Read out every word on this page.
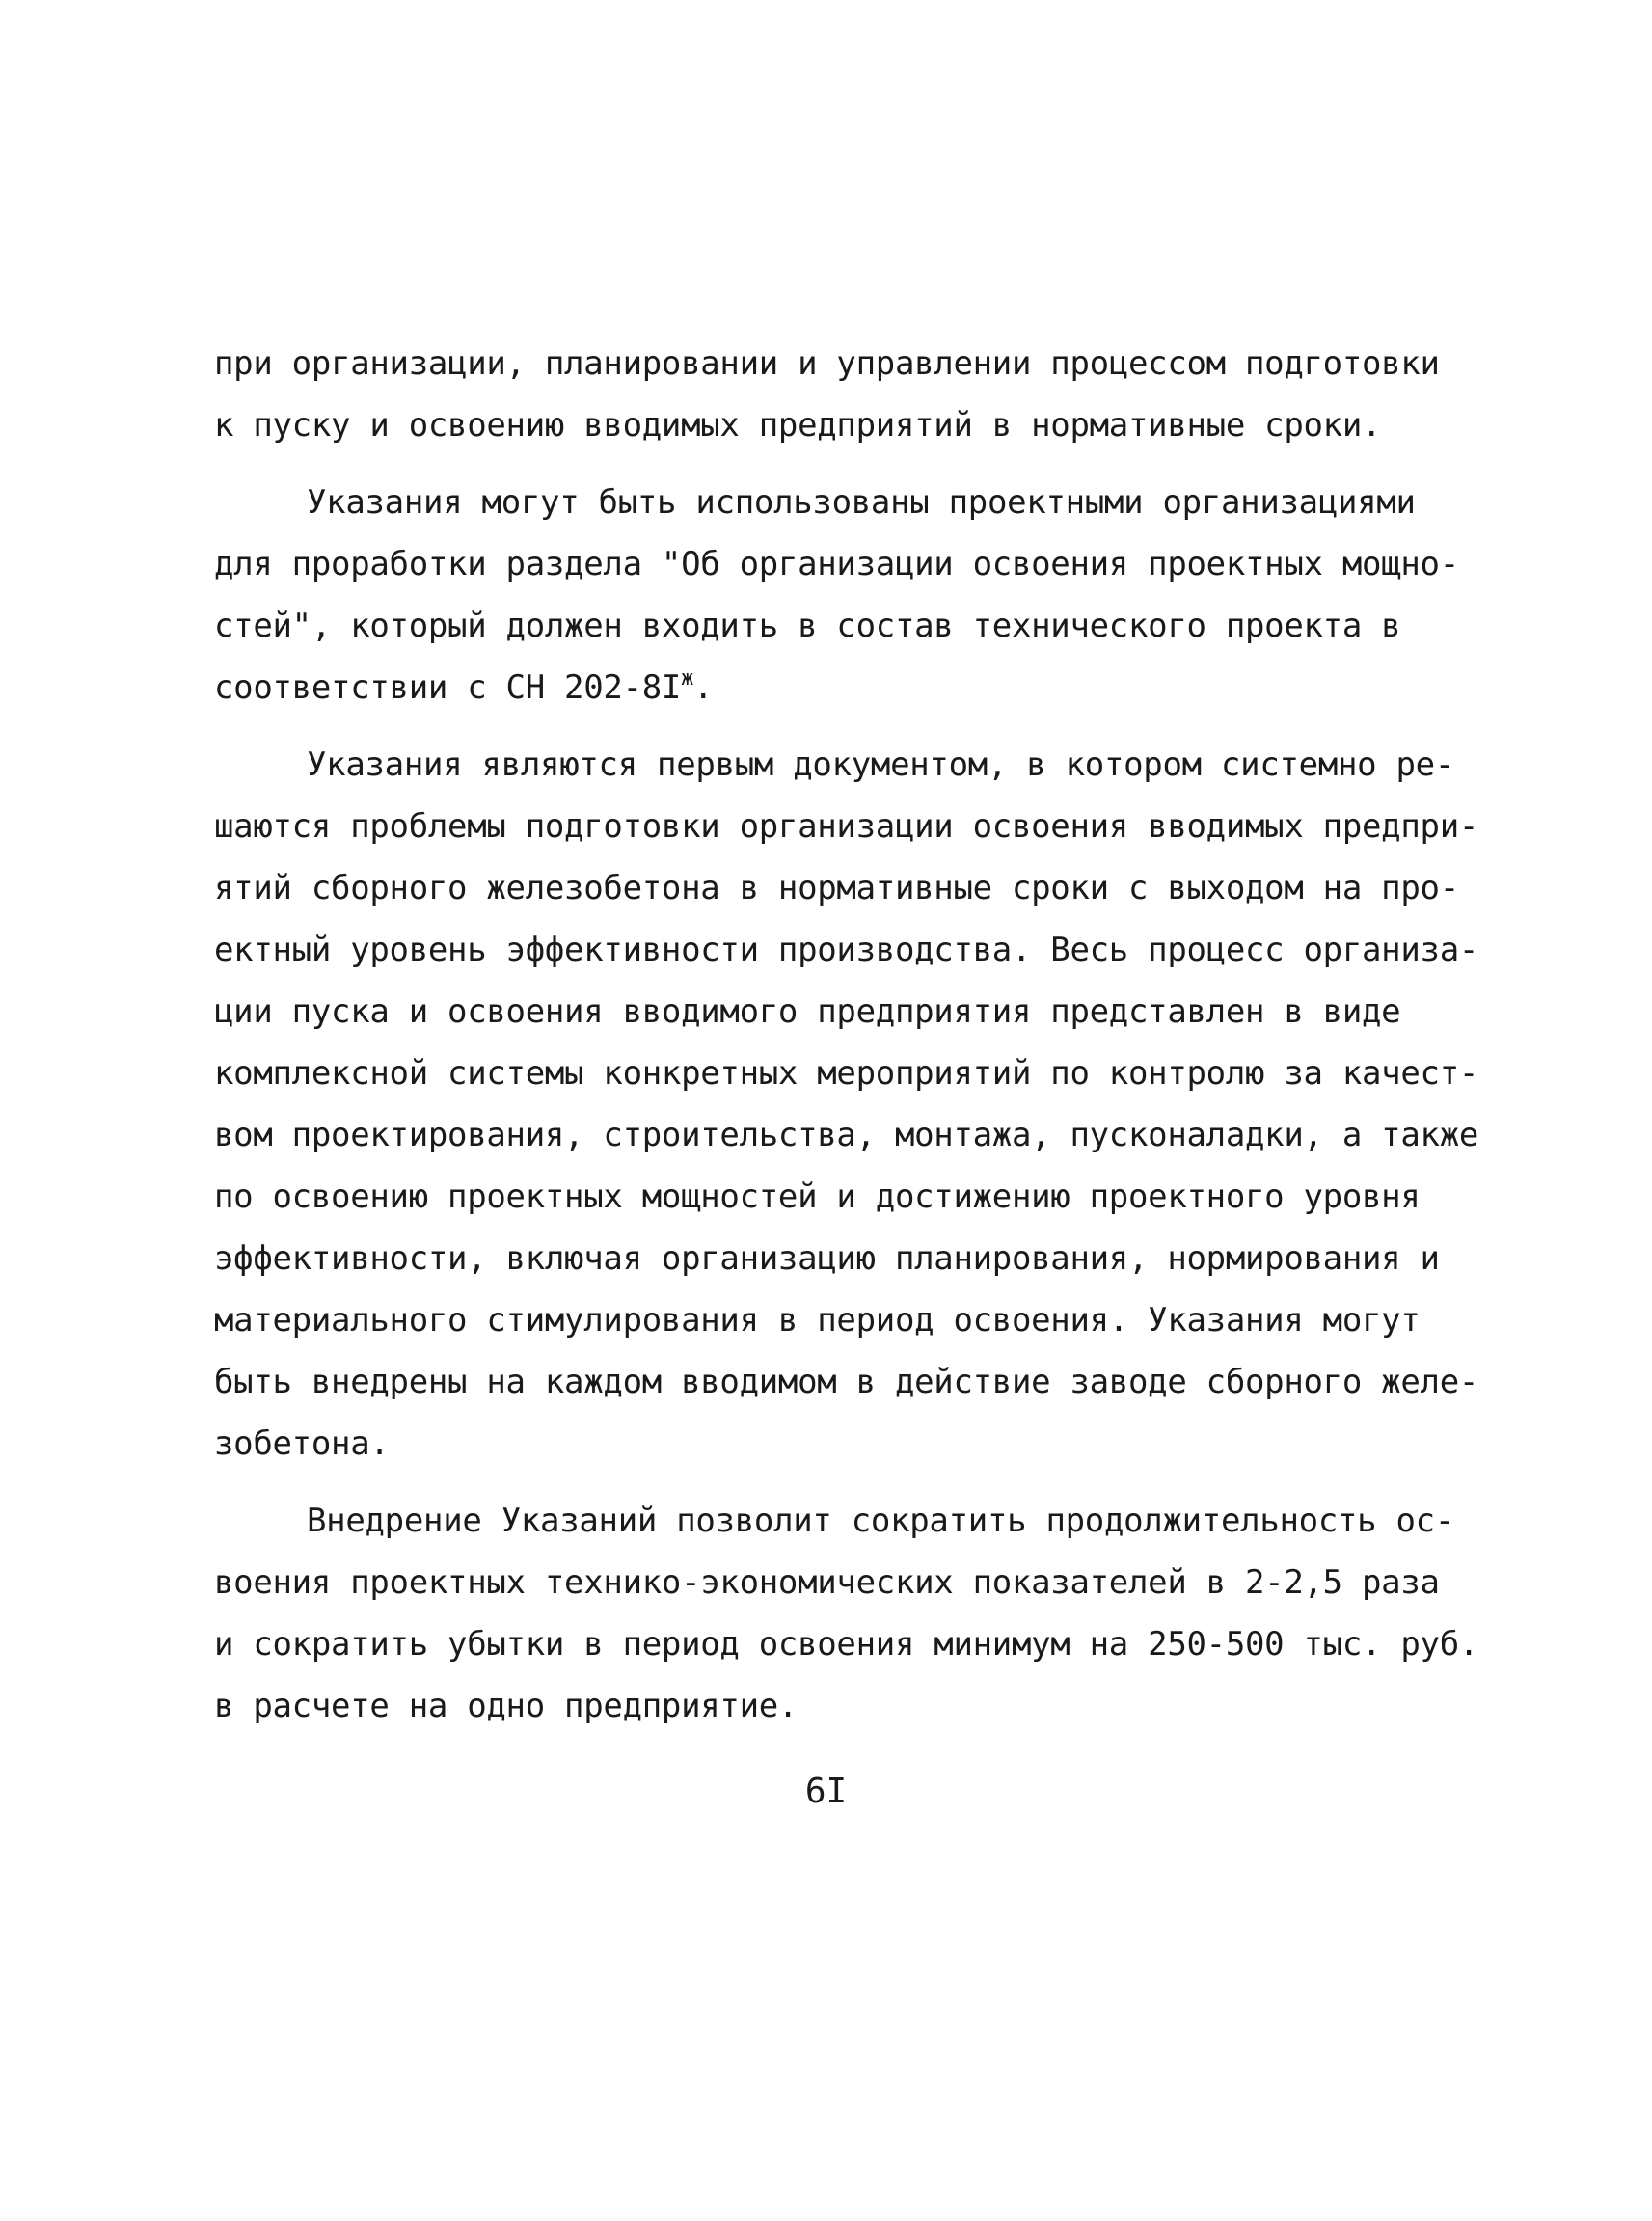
при организации, планировании и управлении процессом подготовки
к пуску и освоению вводимых предприятий в нормативные сроки.
Указания могут быть использованы проектными организациями
для проработки раздела "Об организации освоения проектных мощно-
стей", который должен входить в состав технического проекта в
соответствии с СН $202-8I^ж$.
Указания являются первым документом, в котором системно ре-
шаются проблемы подготовки организации освоения вводимых предпри-
ятий сборного железобетона в нормативные сроки с выходом на про-
ектный уровень эффективности производства. Весь процесс организа-
ции пуска и освоения вводимого предприятия представлен в виде
комплексной системы конкретных мероприятий по контролю за качест-
вом проектирования, строительства, монтажа, пусконаладки, а также
по освоению проектных мощностей и достижению проектного уровня
эффективности, включая организацию планирования, нормирования и
материального стимулирования в период освоения. Указания могут
быть внедрены на каждом вводимом в действие заводе сборного желе-
зобетона.
Внедрение Указаний позволит сократить продолжительность ос-
воения проектных технико-экономических показателей в 2-2,5 раза
и сократить убытки в период освоения минимум на 250-500 тыс. руб.
в расчете на одно предприятие.
6I
